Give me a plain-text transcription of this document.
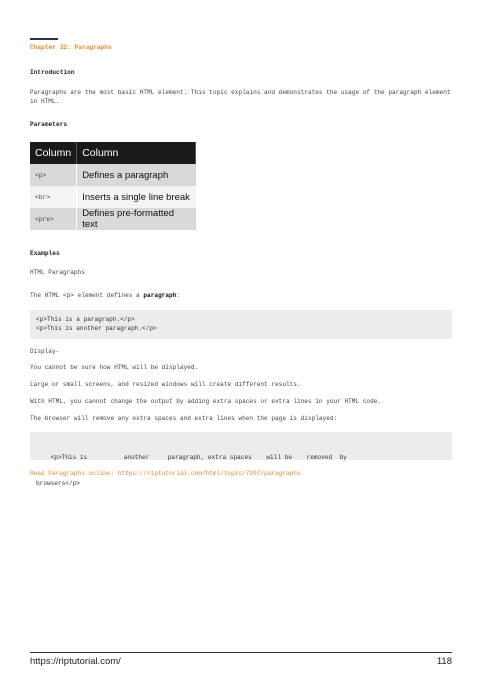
Chapter 32: Paragraphs
Introduction
Paragraphs are the most basic HTML element. This topic explains and demonstrates the usage of the paragraph element in HTML.
Parameters
Column	Column
<p>	Defines a paragraph
<br>	Inserts a single line break
<pre>	Defines pre-formatted text
Examples
HTML Paragraphs
The HTML <p> element defines a paragraph:
<p>This is a paragraph.</p>
<p>This is another paragraph.</p>
Display-
You cannot be sure how HTML will be displayed.
Large or small screens, and resized windows will create different results.
With HTML, you cannot change the output by adding extra spaces or extra lines in your HTML code.
The browser will remove any extra spaces and extra lines when the page is displayed:

<p>This is          another     paragraph, extra spaces    will be    removed  by

browsers</p>

Read Paragraphs online: https://riptutorial.com/html/topic/7997/paragraphs
https://riptutorial.com/	118
